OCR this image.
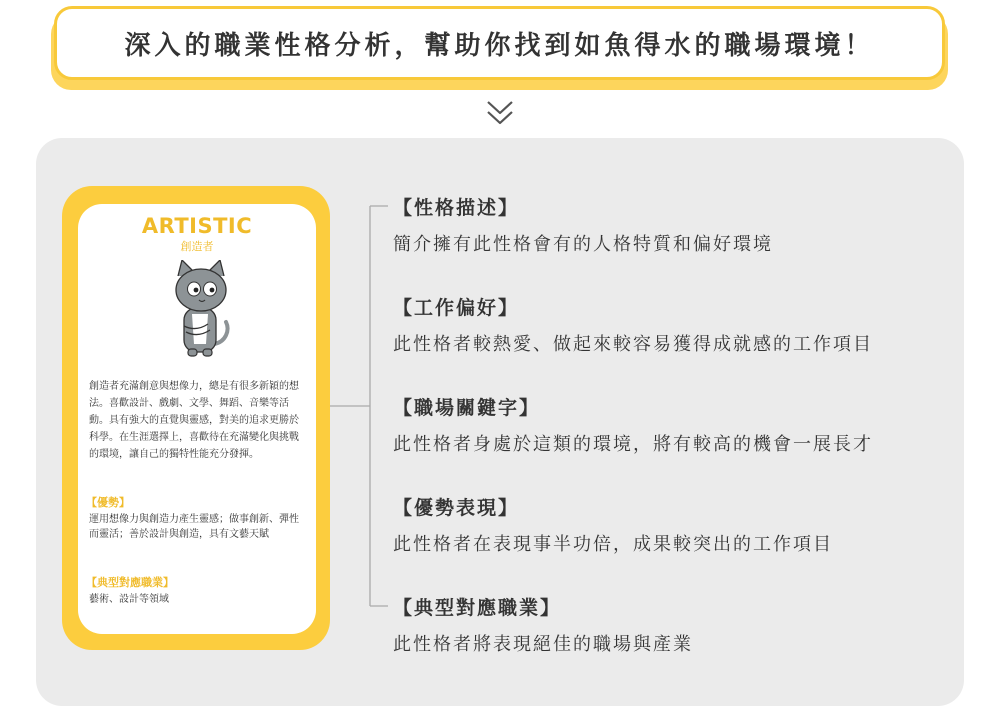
深入的職業性格分析，幫助你找到如魚得水的職場環境！
ARTISTIC
創造者

創造者充滿創意與想像力，總是有很多新穎的想法。喜歡設計、戲劇、文學、舞蹈、音樂等活動。具有強大的直覺與靈感，對美的追求更勝於科學。在生涯選擇上，喜歡待在充滿變化與挑戰的環境，讓自己的獨特性能充分發揮。

【優勢】
運用想像力與創造力產生靈感；做事創新、彈性而靈活；善於設計與創造，具有文藝天賦
【典型對應職業】
藝術、設計等領域
【性格描述】
簡介擁有此性格會有的人格特質和偏好環境
【工作偏好】
此性格者較熱愛、做起來較容易獲得成就感的工作項目
【職場關鍵字】
此性格者身處於這類的環境，將有較高的機會一展長才
【優勢表現】
此性格者在表現事半功倍，成果較突出的工作項目
【典型對應職業】
此性格者將表現絕佳的職場與產業
